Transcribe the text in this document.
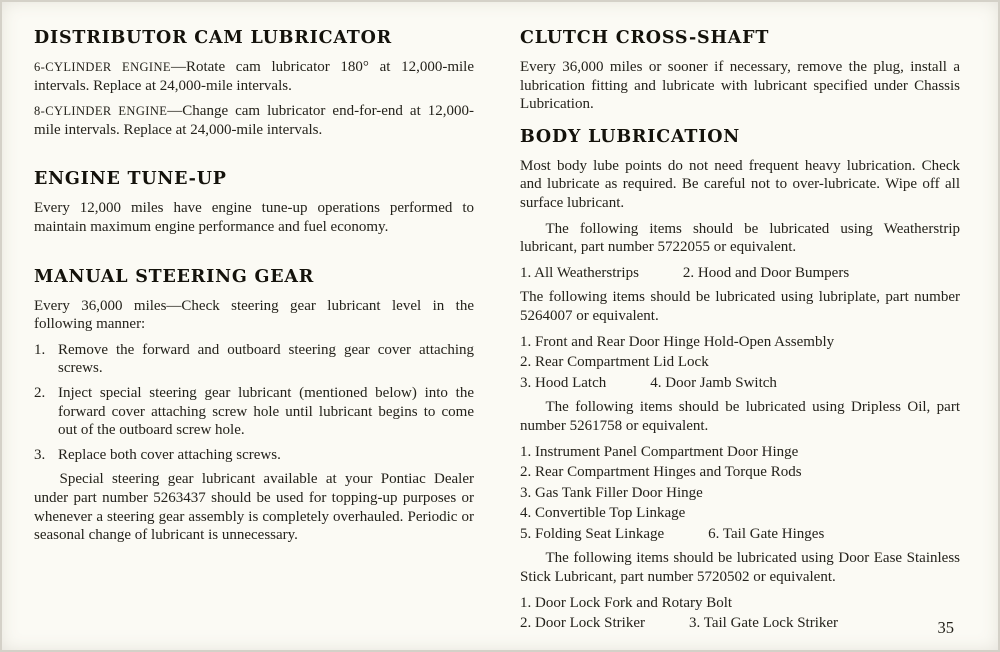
DISTRIBUTOR CAM LUBRICATOR

6-CYLINDER ENGINE—Rotate cam lubricator 180° at 12,000-mile intervals. Replace at 24,000-mile intervals.

8-CYLINDER ENGINE—Change cam lubricator end-for-end at 12,000-mile intervals. Replace at 24,000-mile intervals.

ENGINE TUNE-UP

Every 12,000 miles have engine tune-up operations performed to maintain maximum engine performance and fuel economy.

MANUAL STEERING GEAR

Every 36,000 miles—Check steering gear lubricant level in the following manner:

1. Remove the forward and outboard steering gear cover attaching screws.
2. Inject special steering gear lubricant (mentioned below) into the forward cover attaching screw hole until lubricant begins to come out of the outboard screw hole.
3. Replace both cover attaching screws.

Special steering gear lubricant available at your Pontiac Dealer under part number 5263437 should be used for topping-up purposes or whenever a steering gear assembly is completely overhauled. Periodic or seasonal change of lubricant is unnecessary.

CLUTCH CROSS-SHAFT

Every 36,000 miles or sooner if necessary, remove the plug, install a lubrication fitting and lubricate with lubricant specified under Chassis Lubrication.

BODY LUBRICATION

Most body lube points do not need frequent heavy lubrication. Check and lubricate as required. Be careful not to over-lubricate. Wipe off all surface lubricant.

The following items should be lubricated using Weatherstrip lubricant, part number 5722055 or equivalent.

1. All Weatherstrips	2. Hood and Door Bumpers

The following items should be lubricated using lubriplate, part number 5264007 or equivalent.

1. Front and Rear Door Hinge Hold-Open Assembly
2. Rear Compartment Lid Lock
3. Hood Latch	4. Door Jamb Switch

The following items should be lubricated using Dripless Oil, part number 5261758 or equivalent.

1. Instrument Panel Compartment Door Hinge
2. Rear Compartment Hinges and Torque Rods
3. Gas Tank Filler Door Hinge
4. Convertible Top Linkage
5. Folding Seat Linkage	6. Tail Gate Hinges

The following items should be lubricated using Door Ease Stainless Stick Lubricant, part number 5720502 or equivalent.

1. Door Lock Fork and Rotary Bolt
2. Door Lock Striker	3. Tail Gate Lock Striker	35
